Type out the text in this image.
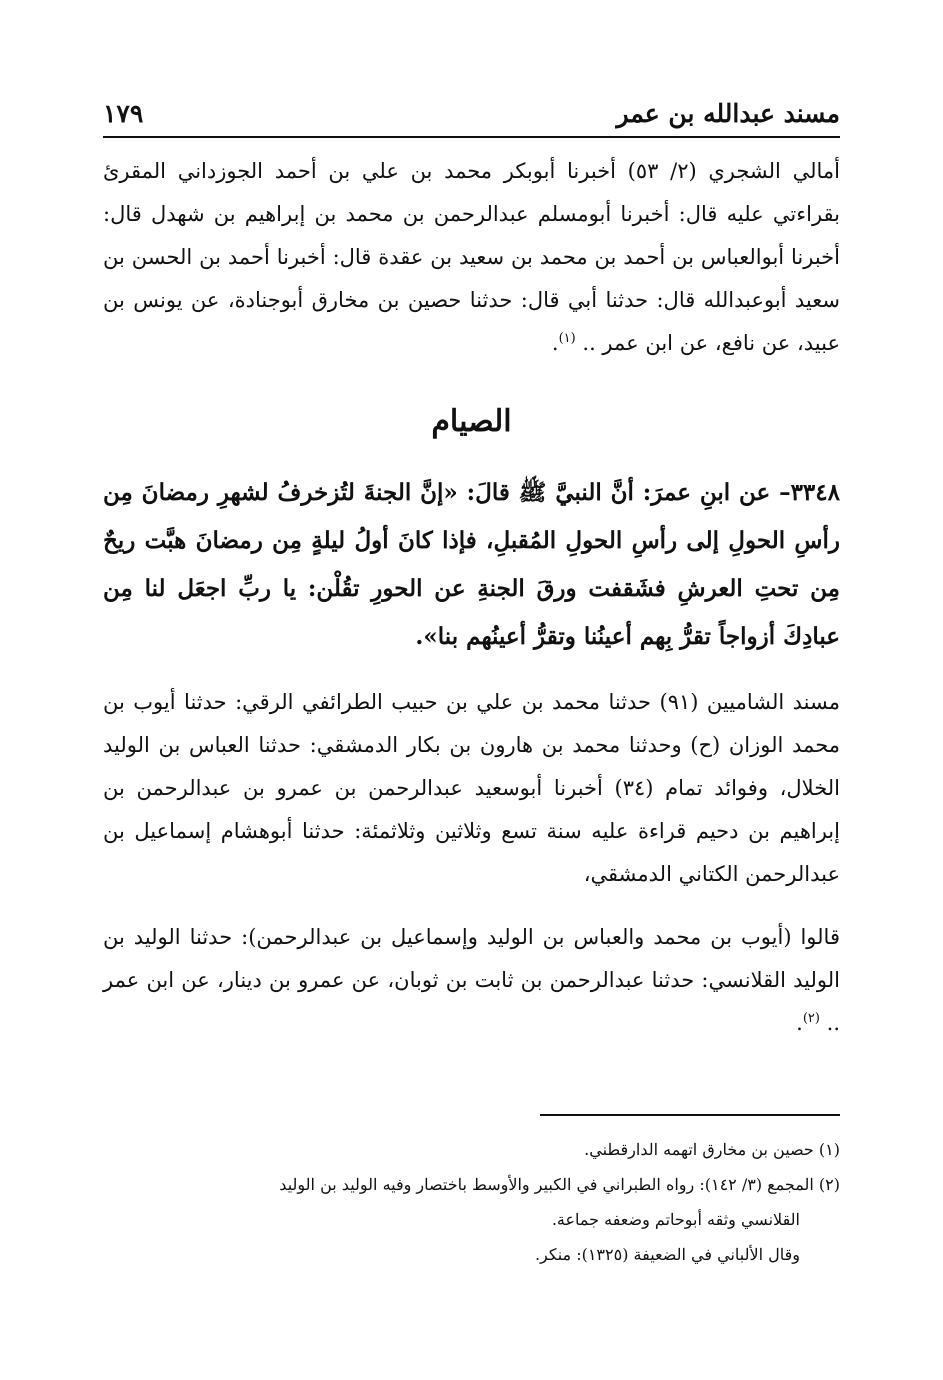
مسند عبدالله بن عمر
١٧٩

أمالي الشجري (٢/ ٥٣) أخبرنا أبوبكر محمد بن علي بن أحمد الجوزداني المقرئ بقراءتي عليه قال: أخبرنا أبومسلم عبدالرحمن بن محمد بن إبراهيم بن شهدل قال: أخبرنا أبوالعباس بن أحمد بن محمد بن سعيد بن عقدة قال: أخبرنا أحمد بن الحسن بن سعيد أبوعبدالله قال: حدثنا أبي قال: حدثنا حصين بن مخارق أبوجنادة، عن يونس بن عبيد، عن نافع، عن ابن عمر .. $^{(١)}$.

الصيام

٣٣٤٨– عن ابنِ عمرَ: أنَّ النبيَّ ﷺ قالَ: «إنَّ الجنةَ لتُزخرفُ لشهرِ رمضانَ مِن رأسِ الحولِ إلى رأسِ الحولِ المُقبلِ، فإذا كانَ أولُ ليلةٍ مِن رمضانَ هبَّت ريحٌ مِن تحتِ العرشِ فشَقفت ورقَ الجنةِ عن الحورِ تقُلْن: يا ربِّ اجعَل لنا مِن عبادِكَ أزواجاً تقرُّ بِهم أعينُنا وتقرُّ أعينُهم بنا».

مسند الشاميين (٩١) حدثنا محمد بن علي بن حبيب الطرائفي الرقي: حدثنا أيوب بن محمد الوزان (ح) وحدثنا محمد بن هارون بن بكار الدمشقي: حدثنا العباس بن الوليد الخلال، وفوائد تمام (٣٤) أخبرنا أبوسعيد عبدالرحمن بن عمرو بن عبدالرحمن بن إبراهيم بن دحيم قراءة عليه سنة تسع وثلاثين وثلاثمئة: حدثنا أبوهشام إسماعيل بن عبدالرحمن الكتاني الدمشقي،

قالوا (أيوب بن محمد والعباس بن الوليد وإسماعيل بن عبدالرحمن): حدثنا الوليد بن الوليد القلانسي: حدثنا عبدالرحمن بن ثابت بن ثوبان، عن عمرو بن دينار، عن ابن عمر .. $^{(٢)}$.

(١) حصين بن مخارق اتهمه الدارقطني.
(٢) المجمع (٣/ ١٤٢): رواه الطبراني في الكبير والأوسط باختصار وفيه الوليد بن الوليد
القلانسي وثقه أبوحاتم وضعفه جماعة.
وقال الألباني في الضعيفة (١٣٢٥): منكر.
